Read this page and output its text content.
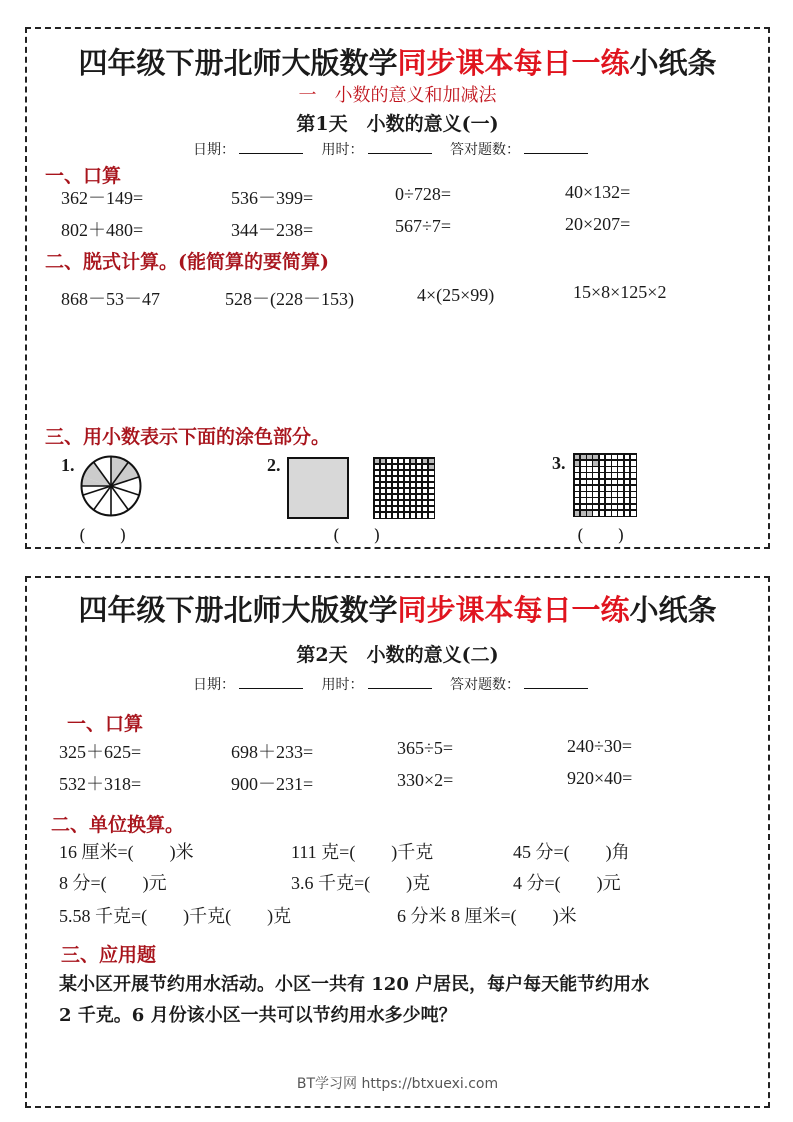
四年级下册北师大版数学同步课本每日一练小纸条
一　小数的意义和加减法
第1天　小数的意义(一)
日期：	用时：	答对题数：
一、口算
362－149=	536－399=	0÷728=	40×132=
802＋480=	344－238=	567÷7=	20×207=
二、脱式计算。(能简算的要简算)
868－53－47	528－(228－153)	4×(25×99)	15×8×125×2
三、用小数表示下面的涂色部分。
1.
(　　)
2.
(　　)
3.
(　　)
四年级下册北师大版数学同步课本每日一练小纸条
第2天　小数的意义(二)
日期：	用时：	答对题数：
一、口算
325＋625=	698＋233=	365÷5=	240÷30=
532＋318=	900－231=	330×2=	920×40=
二、单位换算。
16 厘米=(　　)米	111 克=(　　)千克	45 分=(　　)角
8 分=(　　)元	3.6 千克=(　　)克	4 分=(　　)元
5.58 千克=(　　)千克(　　)克	6 分米 8 厘米=(　　)米
三、应用题
某小区开展节约用水活动。小区一共有 120 户居民，每户每天能节约用水
2 千克。6 月份该小区一共可以节约用水多少吨？
BT学习网 https://btxuexi.com
